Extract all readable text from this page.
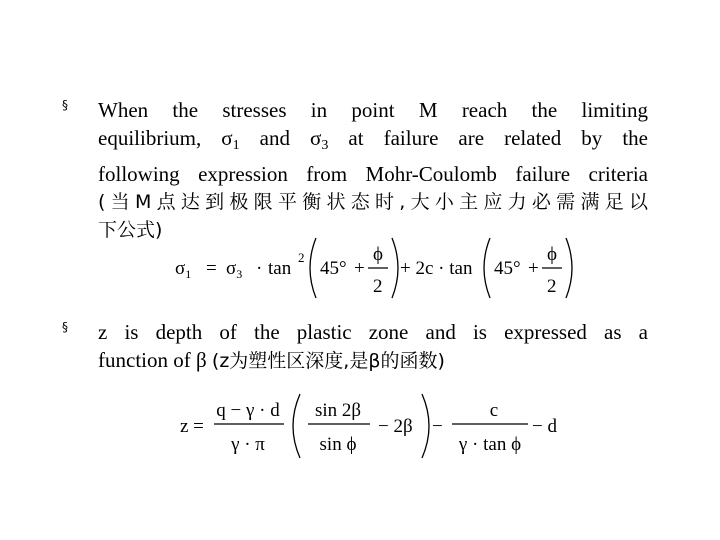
§ When the stresses in point M reach the limiting
equilibrium, $\sigma_1$ and $\sigma_3$ at failure are related by the
following expression from Mohr-Coulomb failure criteria
(当M点达到极限平衡状态时,大小主应力必需满足以
下公式)
$\sigma_1 = \sigma_3 \cdot \tan$
2
45° +
ϕ
2
+ 2c · tan 45° +
ϕ
2
§ z is depth of the plastic zone and is expressed as a
function of β (z为塑性区深度,是β的函数)
z =
q − γ · d
γ · π
sin 2β
sin ϕ
− 2β −
c
γ · tan ϕ
− d
